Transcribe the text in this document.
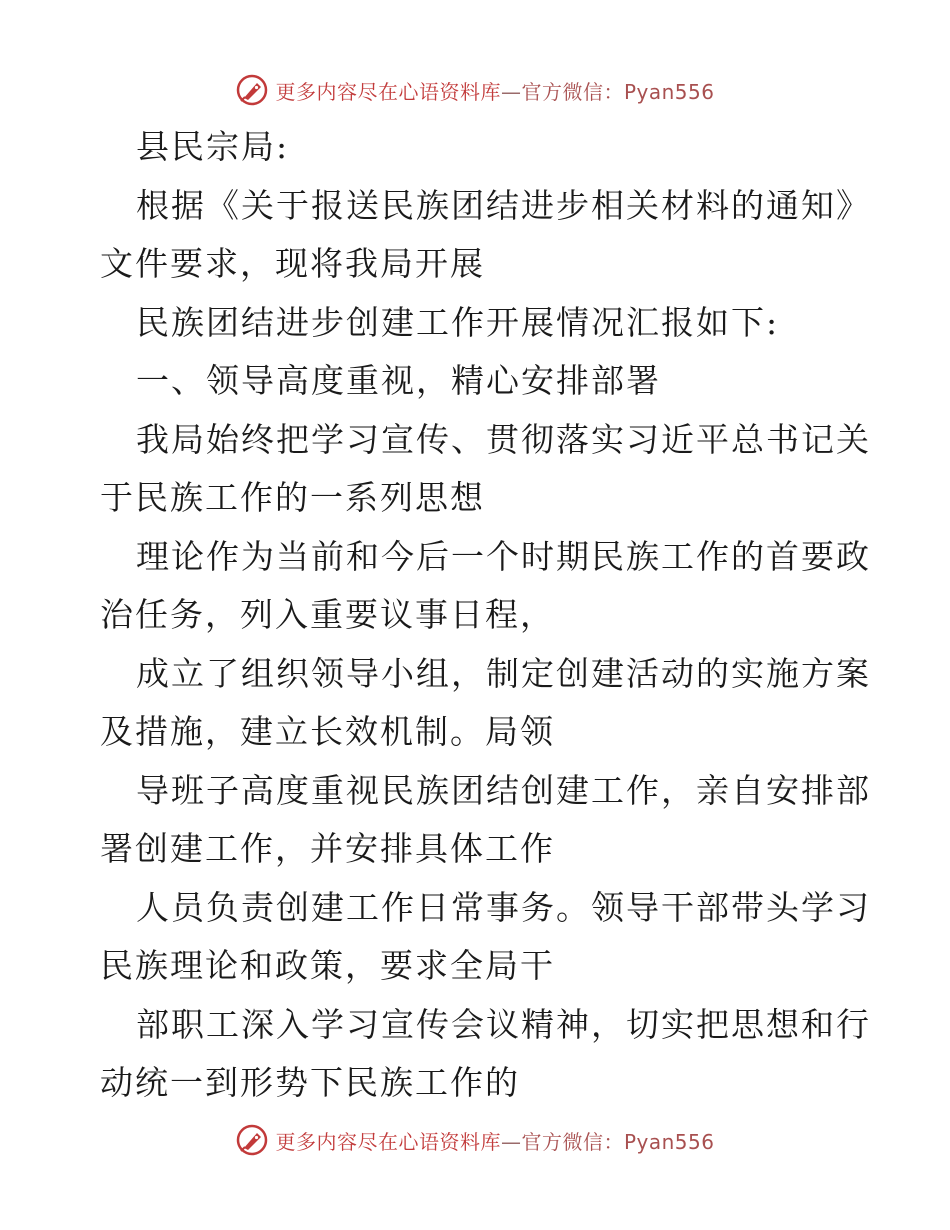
更多内容尽在心语资料库—官方微信：Pyan556
县民宗局:
根据《关于报送民族团结进步相关材料的通知》
文件要求，现将我局开展
民族团结进步创建工作开展情况汇报如下:
一、领导高度重视，精心安排部署
我局始终把学习宣传、贯彻落实习近平总书记关
于民族工作的一系列思想
理论作为当前和今后一个时期民族工作的首要政
治任务，列入重要议事日程，
成立了组织领导小组，制定创建活动的实施方案
及措施，建立长效机制。局领
导班子高度重视民族团结创建工作，亲自安排部
署创建工作，并安排具体工作
人员负责创建工作日常事务。领导干部带头学习
民族理论和政策，要求全局干
部职工深入学习宣传会议精神，切实把思想和行
动统一到形势下民族工作的
更多内容尽在心语资料库—官方微信：Pyan556
